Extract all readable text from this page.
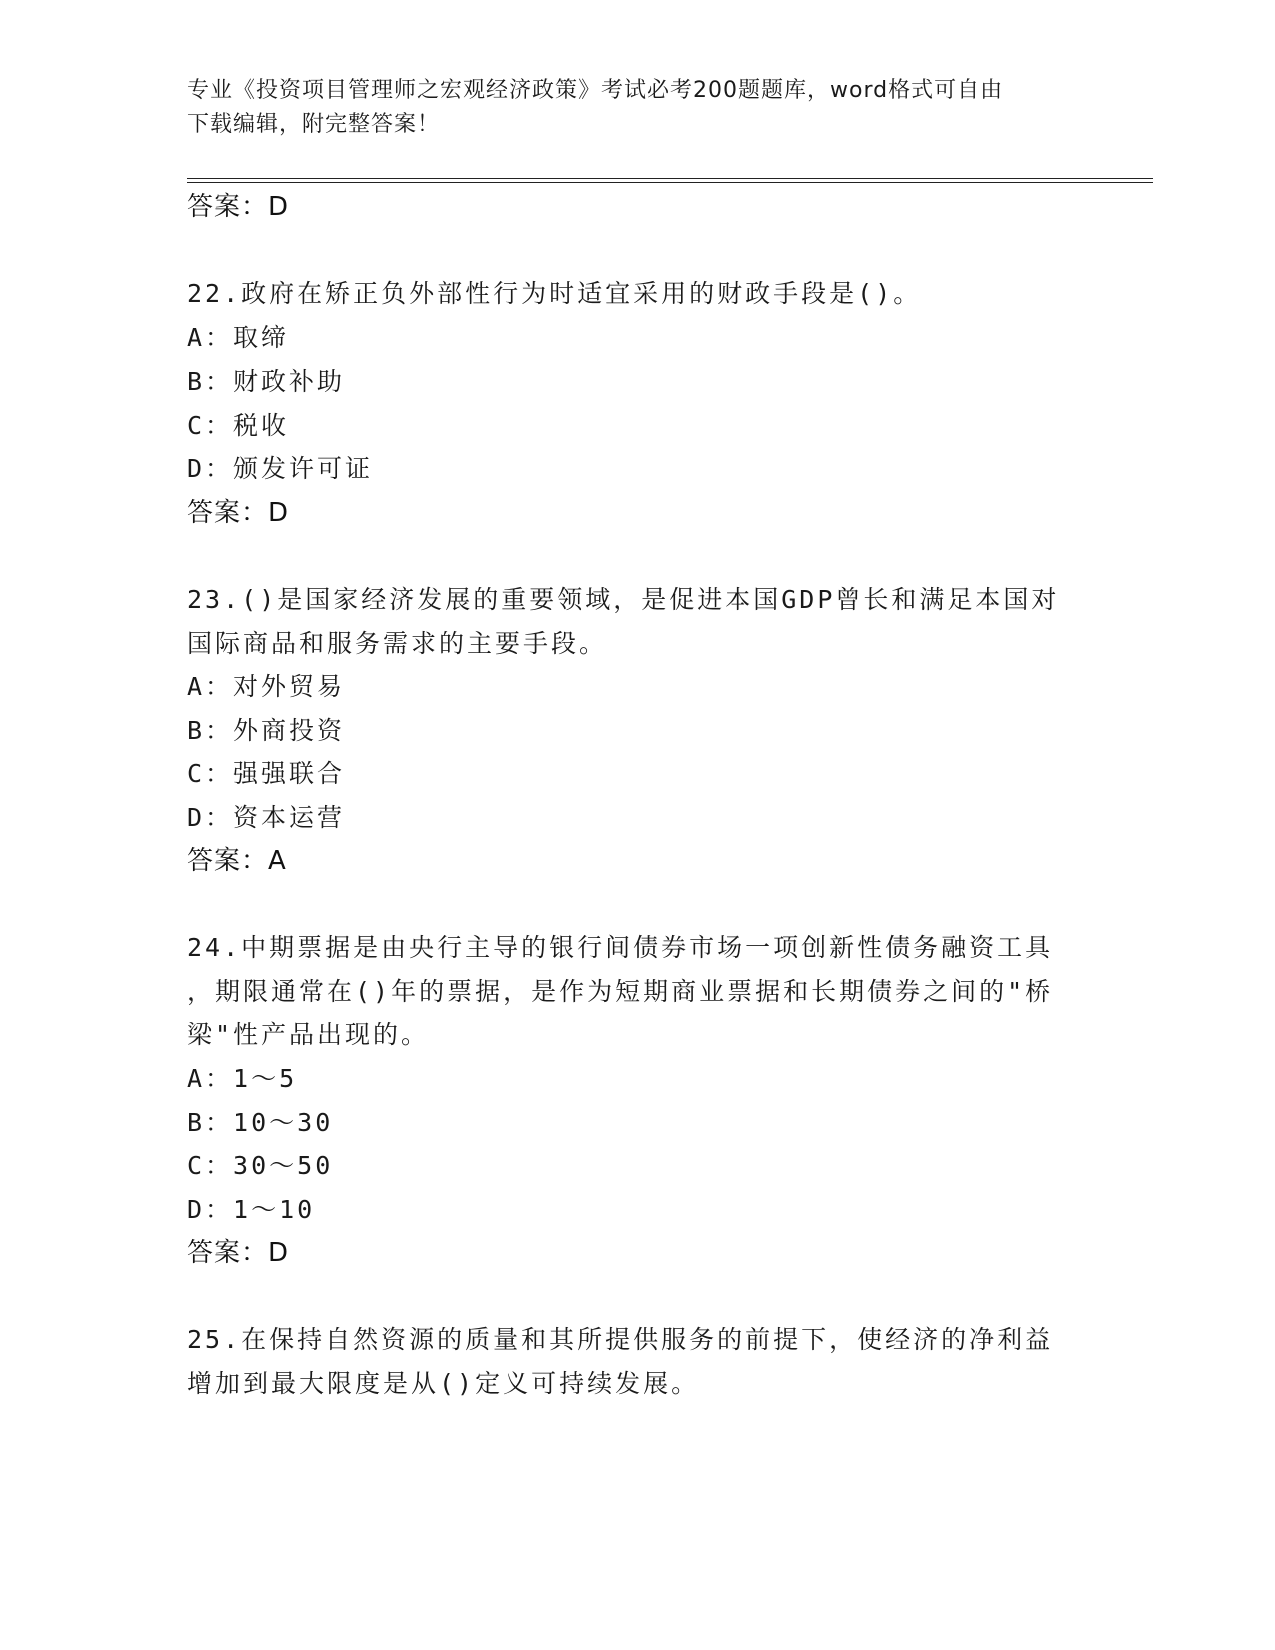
专业《投资项目管理师之宏观经济政策》考试必考200题题库，word格式可自由
下载编辑，附完整答案！
答案：D
22.政府在矫正负外部性行为时适宜采用的财政手段是()。
A：取缔
B：财政补助
C：税收
D：颁发许可证
答案：D
23.()是国家经济发展的重要领域，是促进本国GDP曾长和满足本国对
国际商品和服务需求的主要手段。
A：对外贸易
B：外商投资
C：强强联合
D：资本运营
答案：A
24.中期票据是由央行主导的银行间债券市场一项创新性债务融资工具
，期限通常在()年的票据，是作为短期商业票据和长期债券之间的"桥
梁"性产品出现的。
A：1～5
B：10～30
C：30～50
D：1～10
答案：D
25.在保持自然资源的质量和其所提供服务的前提下，使经济的净利益
增加到最大限度是从()定义可持续发展。
